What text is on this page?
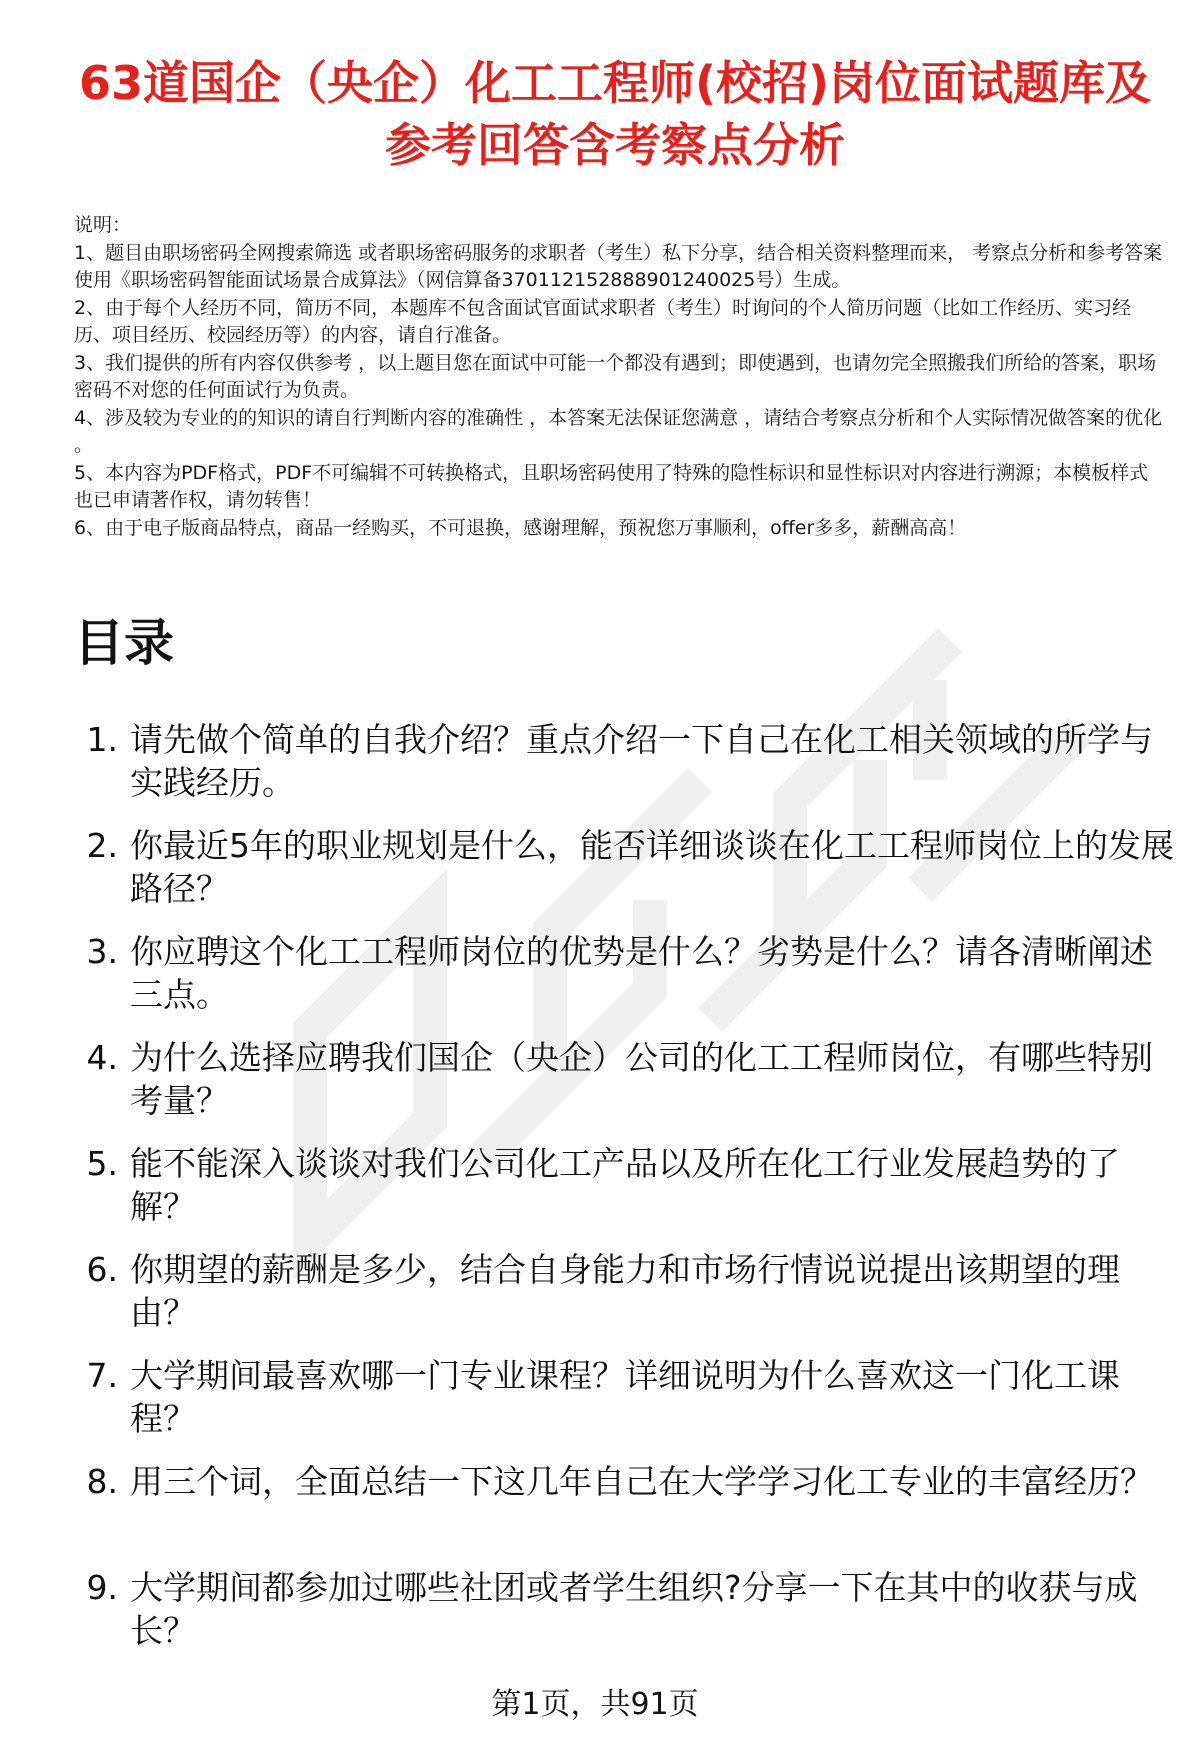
63道国企（央企）化工工程师(校招)岗位面试题库及参考回答含考察点分析

说明：

1、题目由职场密码全网搜索筛选 或者职场密码服务的求职者（考生）私下分享，结合相关资料整理而来， 考察点分析和参考答案使用《职场密码智能面试场景合成算法》（网信算备370112152888901240025号）生成。

2、由于每个人经历不同，简历不同，本题库不包含面试官面试求职者（考生）时询问的个人简历问题（比如工作经历、实习经历、项目经历、校园经历等）的内容，请自行准备。

3、我们提供的所有内容仅供参考 ，以上题目您在面试中可能一个都没有遇到；即使遇到，也请勿完全照搬我们所给的答案，职场密码不对您的任何面试行为负责。

4、涉及较为专业的的知识的请自行判断内容的准确性 ，本答案无法保证您满意 ，请结合考察点分析和个人实际情况做答案的优化 。

5、本内容为PDF格式，PDF不可编辑不可转换格式，且职场密码使用了特殊的隐性标识和显性标识对内容进行溯源；本模板样式也已申请著作权，请勿转售！

6、由于电子版商品特点，商品一经购买，不可退换，感谢理解，预祝您万事顺利，offer多多，薪酬高高！

目录
1. 请先做个简单的自我介绍？重点介绍一下自己在化工相关领域的所学与实践经历。
2. 你最近5年的职业规划是什么，能否详细谈谈在化工工程师岗位上的发展路径？
3. 你应聘这个化工工程师岗位的优势是什么？劣势是什么？请各清晰阐述三点。
4. 为什么选择应聘我们国企（央企）公司的化工工程师岗位，有哪些特别考量？
5. 能不能深入谈谈对我们公司化工产品以及所在化工行业发展趋势的了解？
6. 你期望的薪酬是多少，结合自身能力和市场行情说说提出该期望的理由？
7. 大学期间最喜欢哪一门专业课程？详细说明为什么喜欢这一门化工课程？
8. 用三个词，全面总结一下这几年自己在大学学习化工专业的丰富经历？
9. 大学期间都参加过哪些社团或者学生组织?分享一下在其中的收获与成长？
第1页，共91页
